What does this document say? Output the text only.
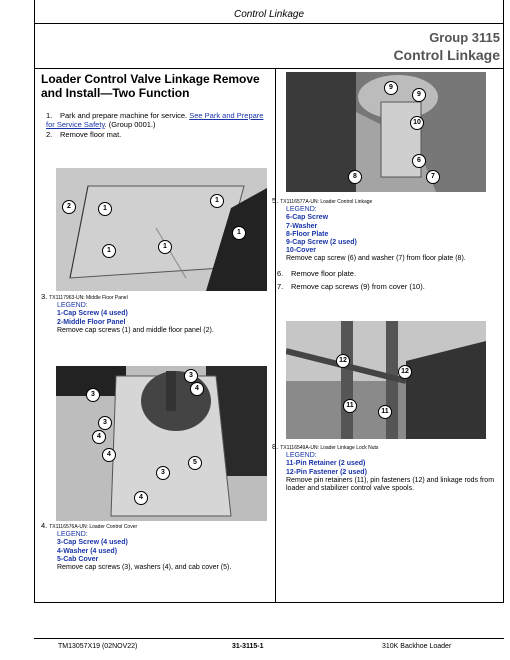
Control Linkage
Group 3115
Control Linkage
Loader Control Valve Linkage Remove and Install—Two Function
1. Park and prepare machine for service. See Park and Prepare for Service Safety. (Group 0001.)
2. Remove floor mat.
2	1
1
1
1
1
3. TX1117963-UN: Middle Floor Panel
LEGEND:
1-Cap Screw (4 used)
2-Middle Floor Panel
Remove cap screws (1) and middle floor panel (2).
3
4
3
3
4
4
3
5
4
4. TX1116576A-UN: Loader Control Cover
LEGEND:
3-Cap Screw (4 used)
4-Washer (4 used)
5-Cab Cover
Remove cap screws (3), washers (4), and cab cover (5).
9
9
10
6
8	7
5. TX1116577A-UN: Loader Control Linkage
LEGEND:
6-Cap Screw
7-Washer
8-Floor Plate
9-Cap Screw (2 used)
10-Cover
Remove cap screw (6) and washer (7) from floor plate (8).
6. Remove floor plate.
7. Remove cap screws (9) from cover (10).
12
12
11
11
8. TX1116549A-UN: Loader Linkage Lock Nuts
LEGEND:
11-Pin Retainer (2 used)
12-Pin Fastener (2 used)

Remove pin retainers (11), pin fasteners (12) and linkage rods from loader and stabilizer control valve spools.
TM13057X19 (02NOV22)	31-3115-1	310K Backhoe Loader
